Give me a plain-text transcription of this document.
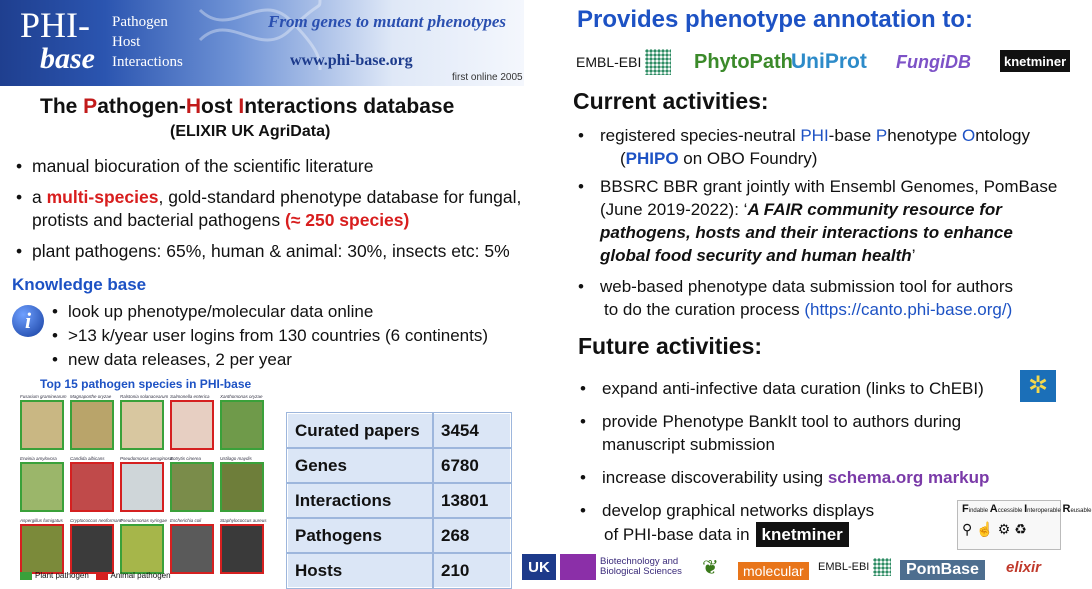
PHI-
base
Pathogen
Host
Interactions
From genes to mutant phenotypes
www.phi-base.org
first online 2005
The Pathogen-Host Interactions database
(ELIXIR UK AgriData)
• manual biocuration of the scientific literature
• a multi-species, gold-standard phenotype database for fungal, protists and bacterial pathogens (≈ 250 species)
• plant pathogens: 65%, human & animal: 30%, insects etc: 5%
Knowledge base
i	• look up phenotype/molecular data online
• >13 k/year user logins from 130 countries (6 continents)
• new data releases, 2 per year
Top 15 pathogen species in PHI-base
Fusarium graminearum Magnaporthe oryzae	Ralstonia solanacearum Salmonella enterica	Xanthomonas oryzae
Erwinia amylovora	Candida albicans	Pseudomonas aeruginosa
Botrytis cinerea	Ustilago maydis
Aspergillus fumigatus Cryptococcus neoformans
Pseudomonas syringae Escherichia coli	Staphylococcus aureus
Plant pathogen	Animal pathogen
Curated papers	3454
Genes	6780
Interactions	13801
Pathogens	268
Hosts	210
Provides phenotype annotation to:
EMBL-EBI	PhytoPath
UniProt FungiDB	knetminer
Current activities:
• registered species-neutral PHI-base Phenotype Ontology
(PHIPO on OBO Foundry)
• BBSRC BBR grant jointly with Ensembl Genomes, PomBase (June 2019-2022): ‘A FAIR community resource for pathogens, hosts and their interactions to enhance global food security and human health’
• web-based phenotype data submission tool for authors
to do the curation process (https://canto.phi-base.org/)
Future activities:
• expand anti-infective data curation (links to ChEBI)
• provide Phenotype BankIt tool to authors during manuscript submission
• increase discoverability using schema.org markup
• develop graphical networks displays
of PHI-base data in knetminer
✲
Findable Accessible Interoperable Reusable
⚲☝⚙♻
UK	Biotechnology and
Biological Sciences ❦	molecular	EMBL-EBI	PomBase	elixir
